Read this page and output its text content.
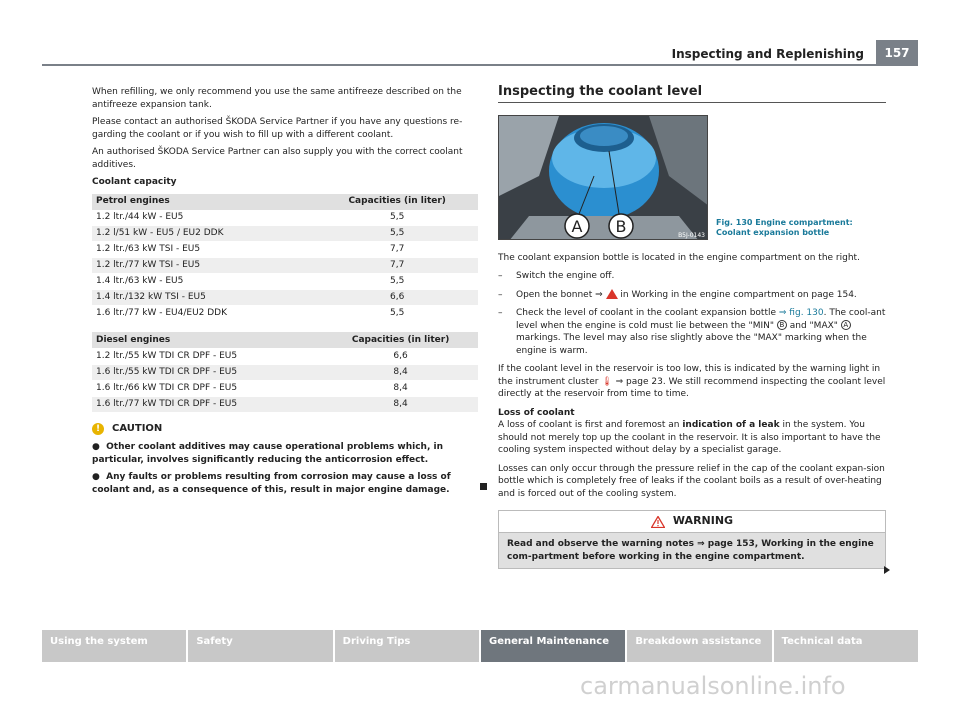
Inspecting and Replenishing	157

When refilling, we only recommend you use the same antifreeze described on the antifreeze expansion tank.

Please contact an authorised ŠKODA Service Partner if you have any questions re-garding the coolant or if you wish to fill up with a different coolant.

An authorised ŠKODA Service Partner can also supply you with the correct coolant additives.

Coolant capacity
Petrol engines	Capacities (in liter)
1.2 ltr./44 kW - EU5	5,5
1.2 l/51 kW - EU5 / EU2 DDK	5,5
1.2 ltr./63 kW TSI - EU5	7,7
1.2 ltr./77 kW TSI - EU5	7,7
1.4 ltr./63 kW - EU5	5,5
1.4 ltr./132 kW TSI - EU5	6,6
1.6 ltr./77 kW - EU4/EU2 DDK	5,5
Diesel engines	Capacities (in liter)
1.2 ltr./55 kW TDI CR DPF - EU5	6,6
1.6 ltr./55 kW TDI CR DPF - EU5	8,4
1.6 ltr./66 kW TDI CR DPF - EU5	8,4
1.6 ltr./77 kW TDI CR DPF - EU5	8,4
!	CAUTION
●  Other coolant additives may cause operational problems which, in particular, involves significantly reducing the anticorrosion effect.
●  Any faults or problems resulting from corrosion may cause a loss of coolant and, as a consequence of this, result in major engine damage.
Inspecting the coolant level
A B	B5J-0143
Fig. 130 Engine compartment: Coolant expansion bottle

The coolant expansion bottle is located in the engine compartment on the right.

– Switch the engine off.
– Open the bonnet ⇒ in Working in the engine compartment on page 154.
– Check the level of coolant in the coolant expansion bottle ⇒ fig. 130. The cool-ant level when the engine is cold must lie between the "MIN" B and "MAX" A markings. The level may also rise slightly above the "MAX" marking when the engine is warm.

If the coolant level in the reservoir is too low, this is indicated by the warning light in the instrument cluster 🌡 ⇒ page 23. We still recommend inspecting the coolant level directly at the reservoir from time to time.

Loss of coolant

A loss of coolant is first and foremost an indication of a leak in the system. You should not merely top up the coolant in the reservoir. It is also important to have the cooling system inspected without delay by a specialist garage.

Losses can only occur through the pressure relief in the cap of the coolant expan-sion bottle which is completely free of leaks if the coolant boils as a result of over-heating and is forced out of the cooling system.

WARNING
Read and observe the warning notes ⇒ page 153, Working in the engine com-partment before working in the engine compartment.
Using the system	Safety	Driving Tips	General Maintenance	Breakdown assistance	Technical data
carmanualsonline.info
